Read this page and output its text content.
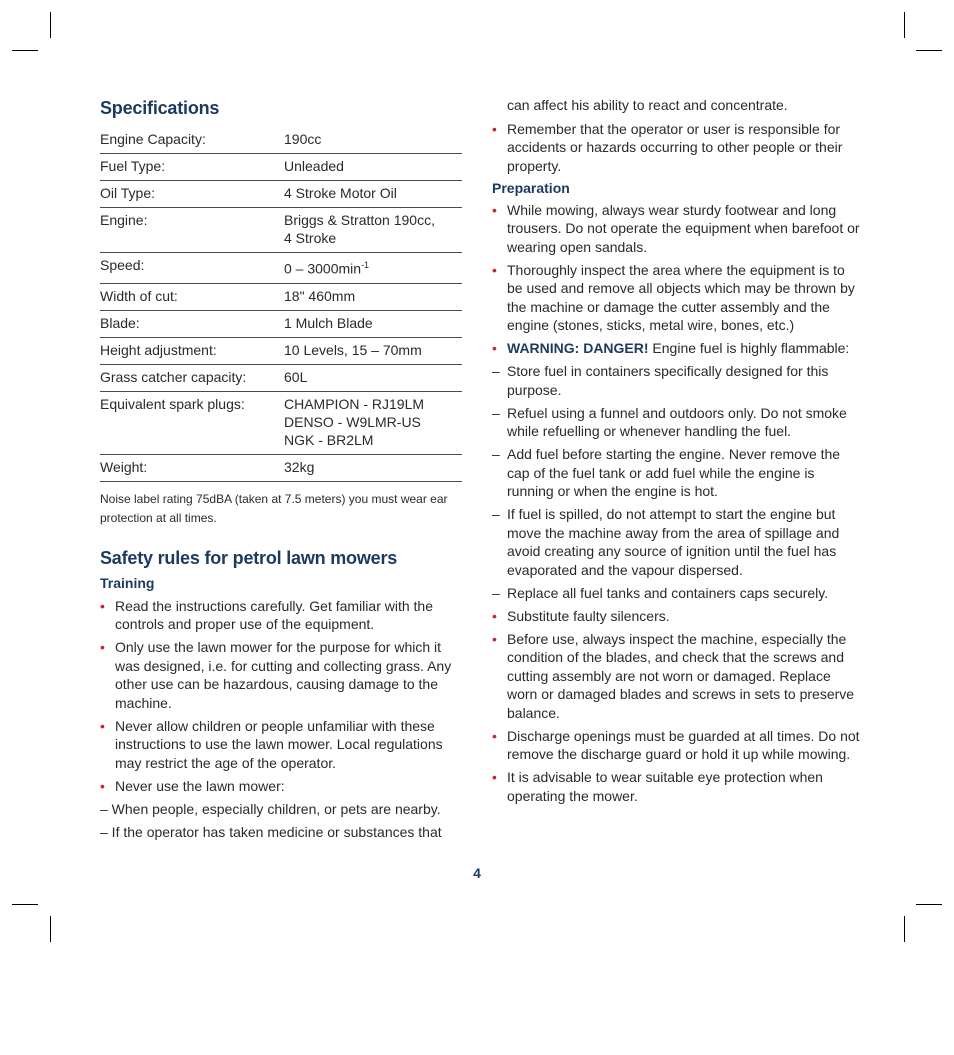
Specifications
Engine Capacity:	190cc
Fuel Type:	Unleaded
Oil Type:	4 Stroke Motor Oil
Engine:	Briggs & Stratton 190cc,
4 Stroke
Speed:	$0 - 3000\min^{-1}$
Width of cut:	18" 460mm
Blade:	1 Mulch Blade
Height adjustment:	10 Levels, 15 – 70mm
Grass catcher capacity:	60L
Equivalent spark plugs:	CHAMPION - RJ19LM
DENSO - W9LMR-US
NGK - BR2LM
Weight:	32kg

Noise label rating 75dBA (taken at 7.5 meters) you must wear ear protection at all times.

Safety rules for petrol lawn mowers
Training
• Read the instructions carefully. Get familiar with the controls and proper use of the equipment.
• Only use the lawn mower for the purpose for which it was designed, i.e. for cutting and collecting grass. Any other use can be hazardous, causing damage to the machine.
• Never allow children or people unfamiliar with these instructions to use the lawn mower. Local regulations may restrict the age of the operator.
• Never use the lawn mower:

– When people, especially children, or pets are nearby.

– If the operator has taken medicine or substances that

can affect his ability to react and concentrate.

• Remember that the operator or user is responsible for accidents or hazards occurring to other people or their property.
Preparation
• While mowing, always wear sturdy footwear and long trousers. Do not operate the equipment when barefoot or wearing open sandals.
• Thoroughly inspect the area where the equipment is to be used and remove all objects which may be thrown by the machine or damage the cutter assembly and the engine (stones, sticks, metal wire, bones, etc.)
• WARNING: DANGER! Engine fuel is highly flammable:
– Store fuel in containers specifically designed for this purpose.
– Refuel using a funnel and outdoors only. Do not smoke while refuelling or whenever handling the fuel.
– Add fuel before starting the engine. Never remove the cap of the fuel tank or add fuel while the engine is running or when the engine is hot.
– If fuel is spilled, do not attempt to start the engine but move the machine away from the area of spillage and avoid creating any source of ignition until the fuel has evaporated and the vapour dispersed.
– Replace all fuel tanks and containers caps securely.
• Substitute faulty silencers.
• Before use, always inspect the machine, especially the condition of the blades, and check that the screws and cutting assembly are not worn or damaged. Replace worn or damaged blades and screws in sets to preserve balance.
• Discharge openings must be guarded at all times. Do not remove the discharge guard or hold it up while mowing.
• It is advisable to wear suitable eye protection when operating the mower.
4
